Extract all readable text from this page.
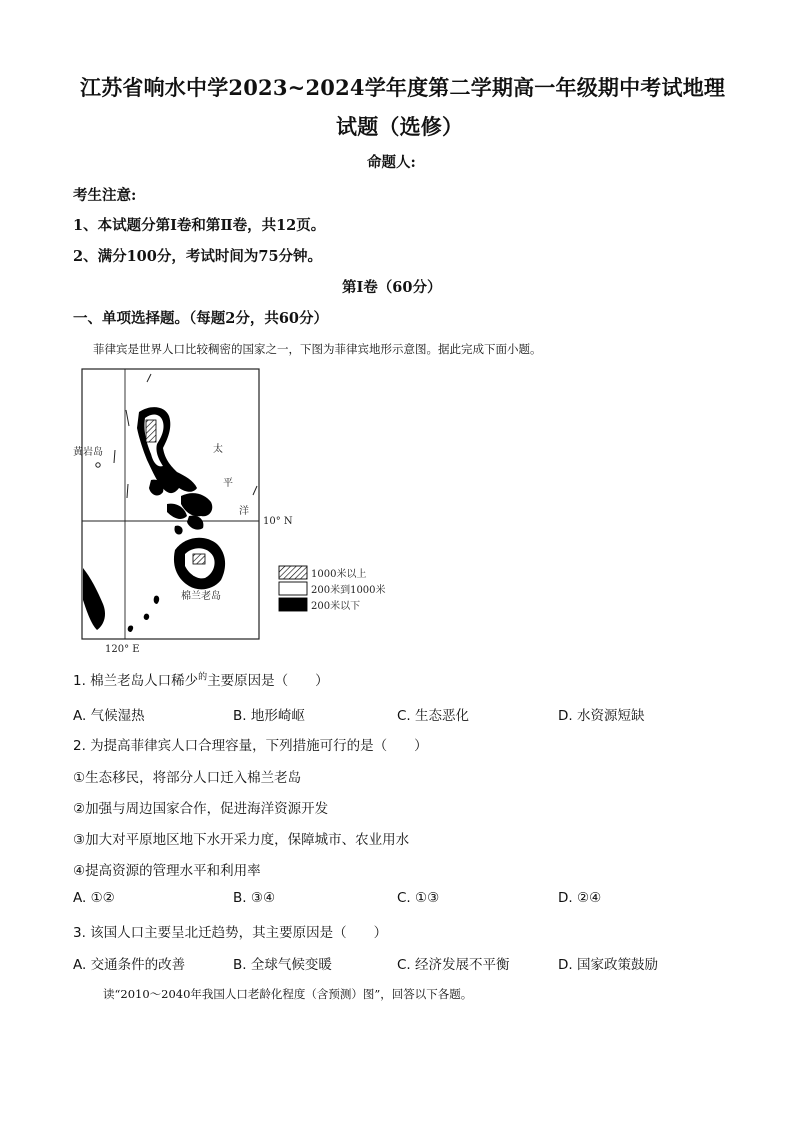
江苏省响水中学2023~2024学年度第二学期高一年级期中考试地理
试题（选修）
命题人:
考生注意:
1、本试题分第Ⅰ卷和第Ⅱ卷，共12页。
2、满分100分，考试时间为75分钟。
第Ⅰ卷（60分）
一、单项选择题。（每题2分，共60分）
菲律宾是世界人口比较稠密的国家之一，下图为菲律宾地形示意图。据此完成下面小题。
黄岩岛	太
平
洋
10° N
120° E
棉兰老岛
1000米以上
200米到1000米
200米以下
1. 棉兰老岛人口稀少$^的$主要原因是（　　）
A. 气候湿热	B. 地形崎岖	C. 生态恶化	D. 水资源短缺
2. 为提高菲律宾人口合理容量，下列措施可行的是（　　）
①生态移民，将部分人口迁入棉兰老岛
②加强与周边国家合作，促进海洋资源开发
③加大对平原地区地下水开采力度，保障城市、农业用水
④提高资源的管理水平和利用率
A. ①②	B. ③④	C. ①③	D. ②④
3. 该国人口主要呈北迁趋势，其主要原因是（　　）
A. 交通条件的改善	B. 全球气候变暖	C. 经济发展不平衡	D. 国家政策鼓励
读“2010～2040年我国人口老龄化程度（含预测）图”，回答以下各题。
